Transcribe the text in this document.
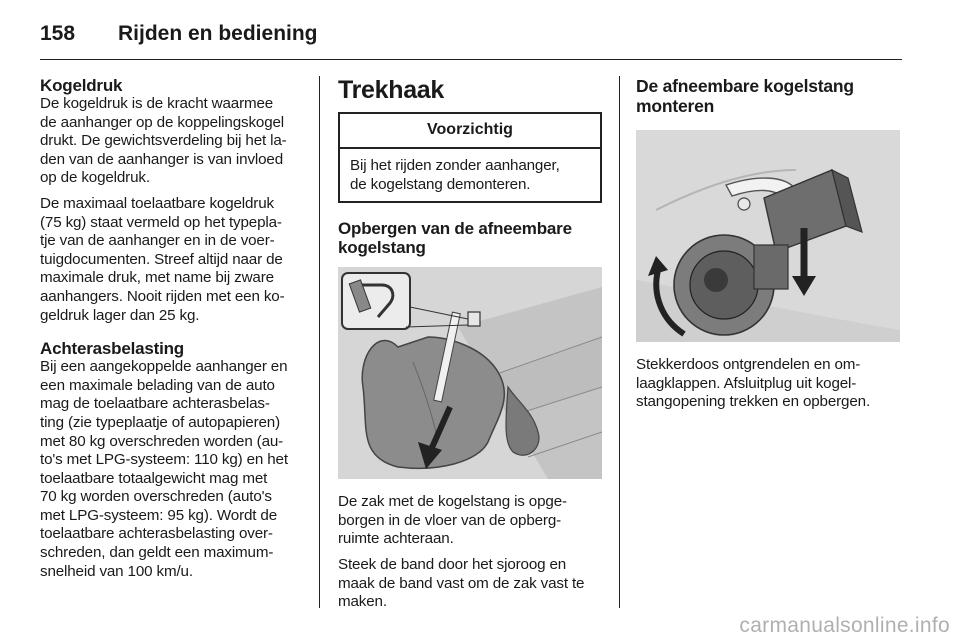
158 Rijden en bediening
Kogeldruk
De kogeldruk is de kracht waarmee
de aanhanger op de koppelingskogel
drukt. De gewichtsverdeling bij het la-
den van de aanhanger is van invloed
op de kogeldruk.
De maximaal toelaatbare kogeldruk
(75 kg) staat vermeld op het typepla-
tje van de aanhanger en in de voer-
tuigdocumenten. Streef altijd naar de
maximale druk, met name bij zware
aanhangers. Nooit rijden met een ko-
geldruk lager dan 25 kg.
Achterasbelasting
Bij een aangekoppelde aanhanger en
een maximale belading van de auto
mag de toelaatbare achterasbelas-
ting (zie typeplaatje of autopapieren)
met 80 kg overschreden worden (au-
to's met LPG-systeem: 110 kg) en het
toelaatbare totaalgewicht mag met
70 kg worden overschreden (auto's
met LPG-systeem: 95 kg). Wordt de
toelaatbare achterasbelasting over-
schreden, dan geldt een maximum-
snelheid van 100 km/u.
Trekhaak
Voorzichtig
Bij het rijden zonder aanhanger,
de kogelstang demonteren.
Opbergen van de afneembare
kogelstang
De zak met de kogelstang is opge-
borgen in de vloer van de opberg-
ruimte achteraan.
Steek de band door het sjoroog en
maak de band vast om de zak vast te
maken.
De afneembare kogelstang
monteren
Stekkerdoos ontgrendelen en om-
laagklappen. Afsluitplug uit kogel-
stangopening trekken en opbergen.
carmanualsonline.info
